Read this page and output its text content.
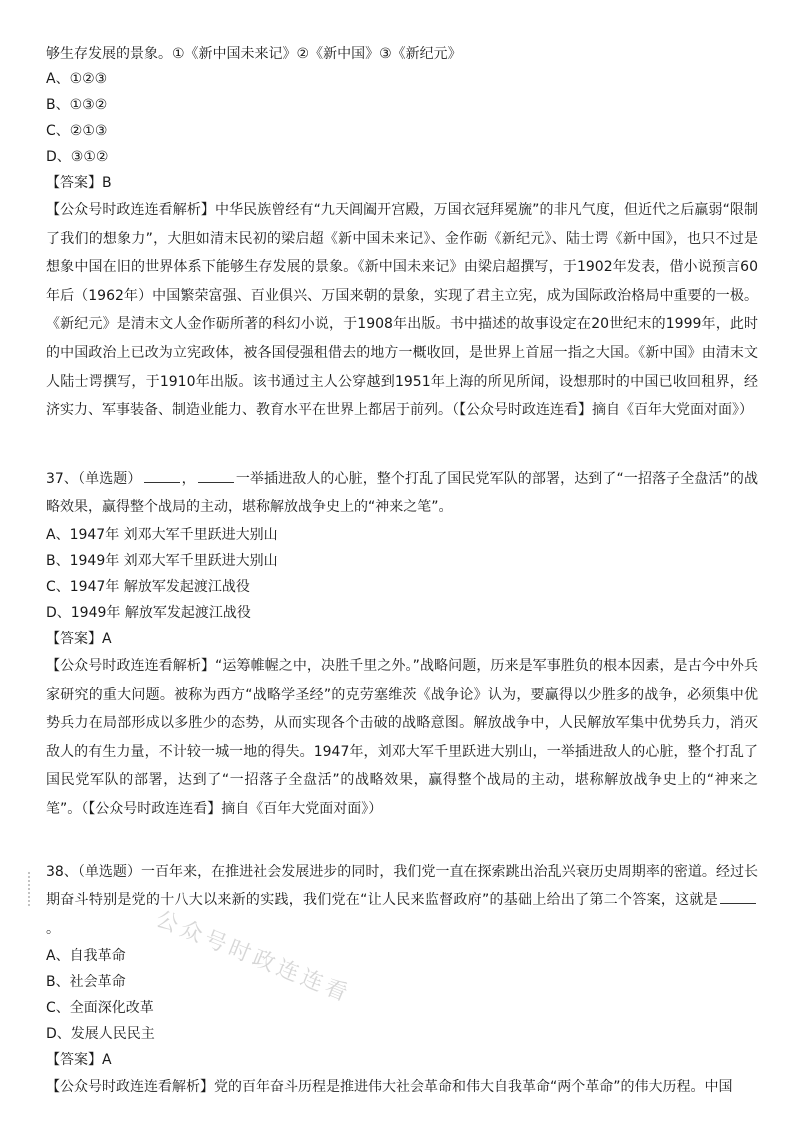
够生存发展的景象。①《新中国未来记》②《新中国》③《新纪元》

A、①②③

B、①③②

C、②①③

D、③①②

【答案】B

【公众号时政连连看解析】中华民族曾经有“九天阊阖开宫殿，万国衣冠拜冕旒”的非凡气度，但近代之后羸弱“限制了我们的想象力”，大胆如清末民初的梁启超《新中国未来记》、金作砺《新纪元》、陆士谔《新中国》，也只不过是想象中国在旧的世界体系下能够生存发展的景象。《新中国未来记》由梁启超撰写，于1902年发表，借小说预言60年后（1962年）中国繁荣富强、百业俱兴、万国来朝的景象，实现了君主立宪，成为国际政治格局中重要的一极。《新纪元》是清末文人金作砺所著的科幻小说，于1908年出版。书中描述的故事设定在20世纪末的1999年，此时的中国政治上已改为立宪政体，被各国侵强租借去的地方一概收回，是世界上首屈一指之大国。《新中国》由清末文人陆士谔撰写，于1910年出版。该书通过主人公穿越到1951年上海的所见所闻，设想那时的中国已收回租界，经济实力、军事装备、制造业能力、教育水平在世界上都居于前列。（【公众号时政连连看】摘自《百年大党面对面》）

37、（单选题）	，	一举插进敌人的心脏，整个打乱了国民党军队的部署，达到了“一招落子全盘活”的战略效果，赢得整个战局的主动，堪称解放战争史上的“神来之笔”。

A、1947年 刘邓大军千里跃进大别山

B、1949年 刘邓大军千里跃进大别山

C、1947年 解放军发起渡江战役

D、1949年 解放军发起渡江战役

【答案】A

【公众号时政连连看解析】“运筹帷幄之中，决胜千里之外。”战略问题，历来是军事胜负的根本因素，是古今中外兵家研究的重大问题。被称为西方“战略学圣经”的克劳塞维茨《战争论》认为，要赢得以少胜多的战争，必须集中优势兵力在局部形成以多胜少的态势，从而实现各个击破的战略意图。解放战争中，人民解放军集中优势兵力，消灭敌人的有生力量，不计较一城一地的得失。1947年，刘邓大军千里跃进大别山，一举插进敌人的心脏，整个打乱了国民党军队的部署，达到了“一招落子全盘活”的战略效果，赢得整个战局的主动，堪称解放战争史上的“神来之笔”。（【公众号时政连连看】摘自《百年大党面对面》）

38、（单选题）一百年来，在推进社会发展进步的同时，我们党一直在探索跳出治乱兴衰历史周期率的密道。经过长期奋斗特别是党的十八大以来新的实践，我们党在“让人民来监督政府”的基础上给出了第二个答案，这就是。

A、自我革命

B、社会革命

C、全面深化改革

D、发展人民民主

【答案】A

【公众号时政连连看解析】党的百年奋斗历程是推进伟大社会革命和伟大自我革命“两个革命”的伟大历程。中国

公众号时政连连看
